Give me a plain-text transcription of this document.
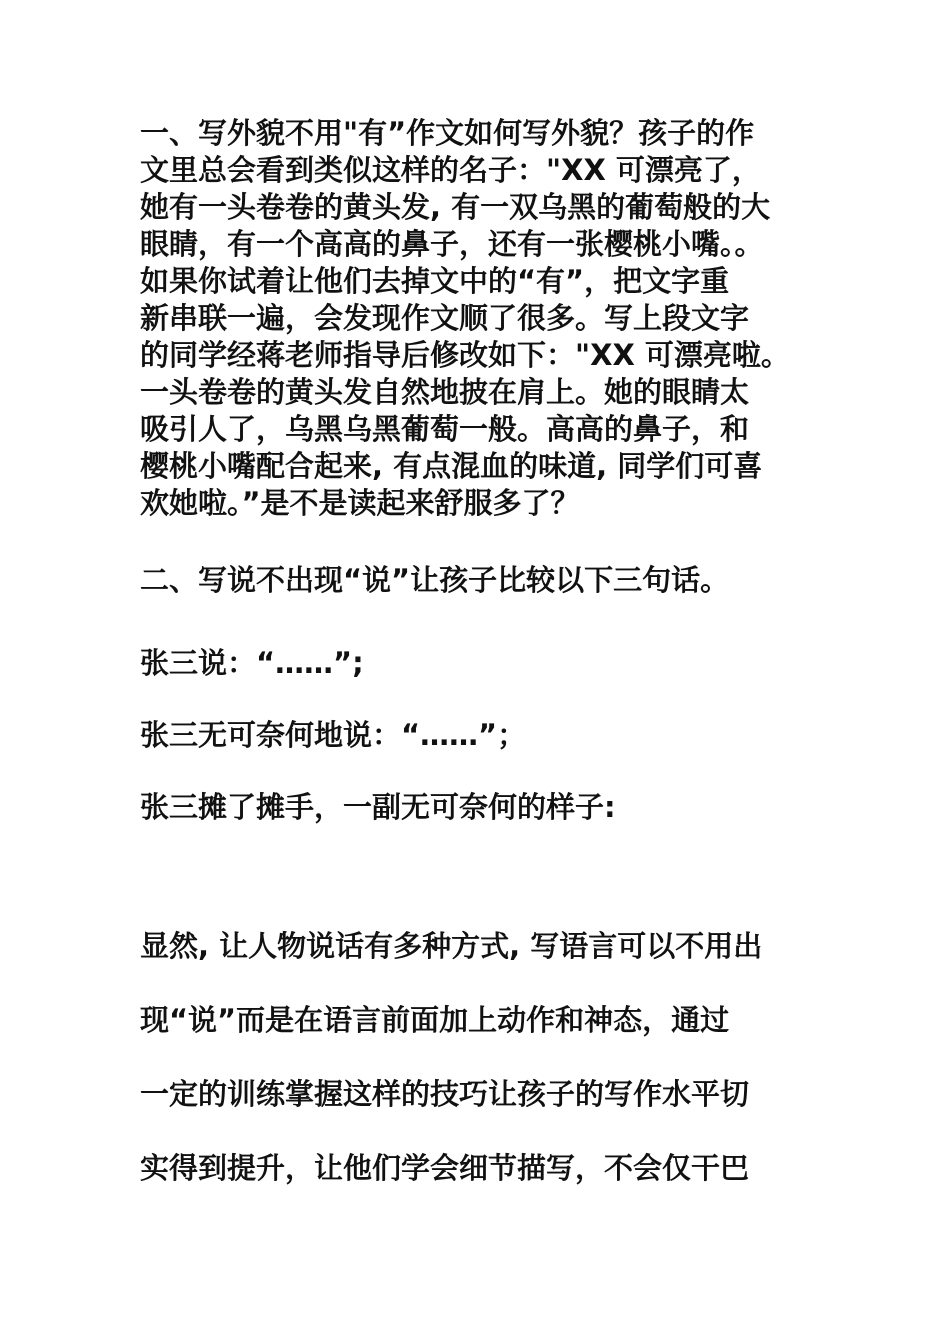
一、写外貌不用"有”作文如何写外貌？孩子的作
文里总会看到类似这样的名子："XX 可漂亮了，
她有一头卷卷的黄头发, 有一双乌黑的葡萄般的大
眼睛，有一个高高的鼻子，还有一张樱桃小嘴。。
如果你试着让他们去掉文中的“有”，把文字重
新串联一遍，会发现作文顺了很多。写上段文字
的同学经蒋老师指导后修改如下："XX 可漂亮啦。
一头卷卷的黄头发自然地披在肩上。她的眼睛太
吸引人了，乌黑乌黑葡萄一般。高高的鼻子，和
樱桃小嘴配合起来, 有点混血的味道, 同学们可喜
欢她啦。”是不是读起来舒服多了？
二、写说不出现“说”让孩子比较以下三句话。
张三说：“……”;
张三无可奈何地说：“……”；
张三摊了摊手，一副无可奈何的样子:
显然, 让人物说话有多种方式, 写语言可以不用出
现“说”而是在语言前面加上动作和神态，通过
一定的训练掌握这样的技巧让孩子的写作水平切
实得到提升，让他们学会细节描写，不会仅干巴
